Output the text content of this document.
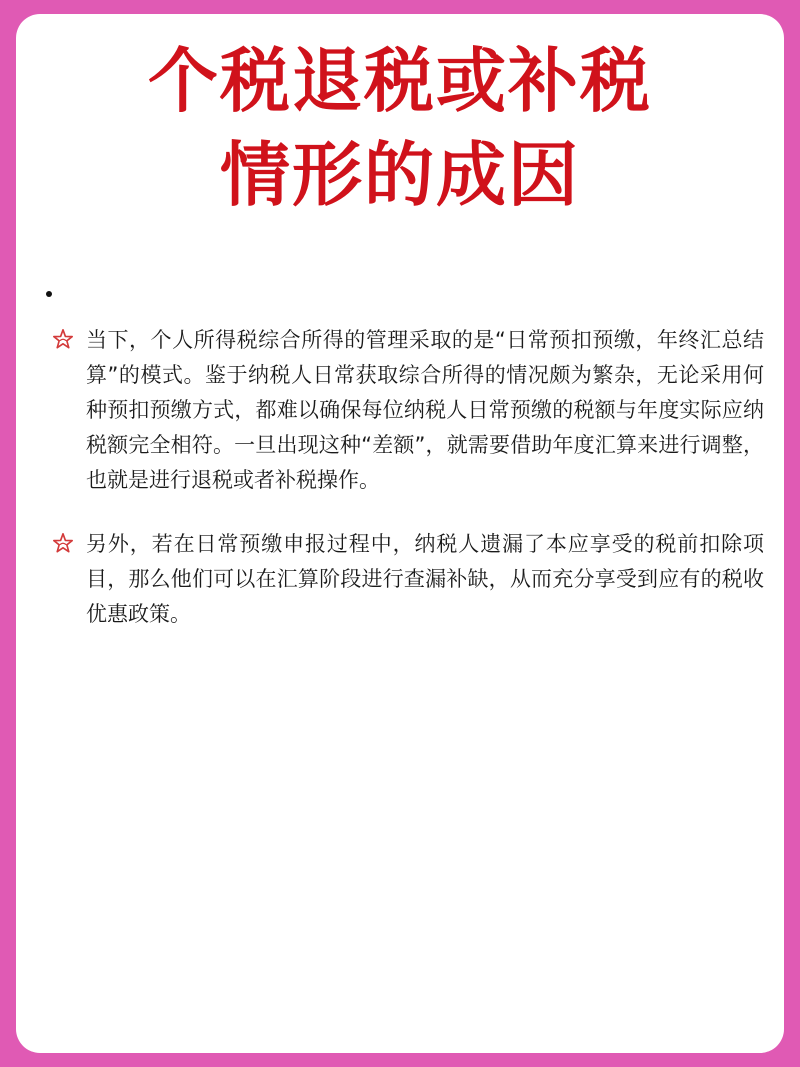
个税退税或补税
情形的成因

当下，个人所得税综合所得的管理采取的是“日常预扣预缴，年终汇总结算”的模式。鉴于纳税人日常获取综合所得的情况颇为繁杂，无论采用何种预扣预缴方式，都难以确保每位纳税人日常预缴的税额与年度实际应纳税额完全相符。一旦出现这种“差额”，就需要借助年度汇算来进行调整，也就是进行退税或者补税操作。

另外，若在日常预缴申报过程中，纳税人遗漏了本应享受的税前扣除项目，那么他们可以在汇算阶段进行查漏补缺，从而充分享受到应有的税收优惠政策。
